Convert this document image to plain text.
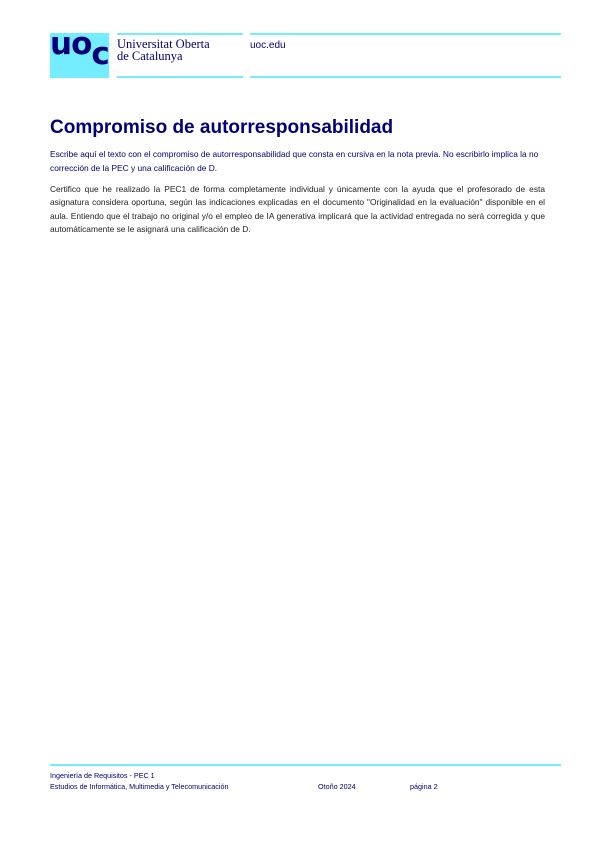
uoc Universitat Oberta
de Catalunya
uoc.edu
Compromiso de autorresponsabilidad

Escribe aquí el texto con el compromiso de autorresponsabilidad que consta en cursiva en la nota previa. No escribirlo implica la no corrección de la PEC y una calificación de D.

Certifico que he realizado la PEC1 de forma completamente individual y únicamente con la ayuda que el profesorado de esta asignatura considera oportuna, según las indicaciones explicadas en el documento "Originalidad en la evaluación" disponible en el aula. Entiendo que el trabajo no original y/o el empleo de IA generativa implicará que la actividad entregada no será corregida y que automáticamente se le asignará una calificación de D.

Ingeniería de Requisitos - PEC 1
Estudios de Informática, Multimedia y Telecomunicación	Otoño 2024	página 2
